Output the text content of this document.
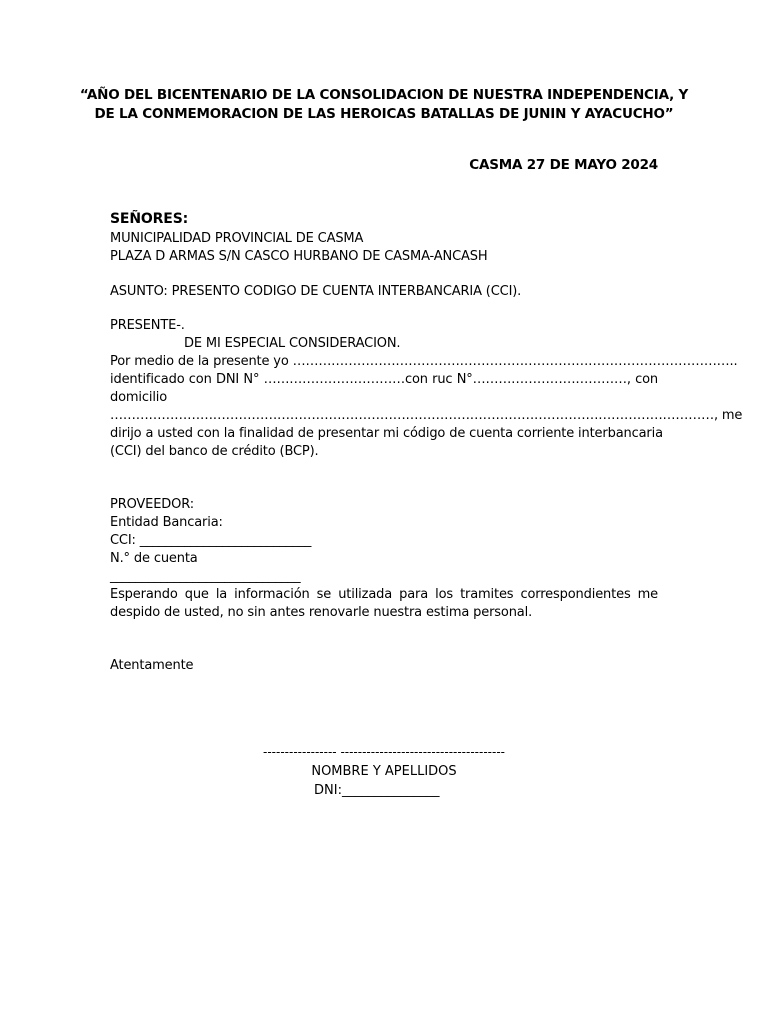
“AÑO DEL BICENTENARIO DE LA CONSOLIDACION DE NUESTRA INDEPENDENCIA, Y
DE LA CONMEMORACION DE LAS HEROICAS BATALLAS DE JUNIN Y AYACUCHO”
CASMA 27 DE MAYO 2024
SEÑORES:
MUNICIPALIDAD PROVINCIAL DE CASMA
PLAZA D ARMAS S/N CASCO HURBANO DE CASMA-ANCASH
ASUNTO: PRESENTO CODIGO DE CUENTA INTERBANCARIA (CCI).
PRESENTE-.
DE MI ESPECIAL CONSIDERACION.
Por medio de la presente yo …………………………………………………………………………………………..
identificado con DNI N° ……………………………con ruc N°………………………………, con
domicilio
……………………………………………………………………………………………………………………………, me
dirijo a usted con la finalidad de presentar mi código de cuenta corriente interbancaria
(CCI) del banco de crédito (BCP).
PROVEEDOR:
Entidad Bancaria:
CCI: ___________________________
N.° de cuenta
______________________________
Esperando que la información se utilizada para los tramites correspondientes me
despido de usted, no sin antes renovarle nuestra estima personal.
Atentamente
----------------- --------------------------------------
NOMBRE Y APELLIDOS
DNI:_______________
